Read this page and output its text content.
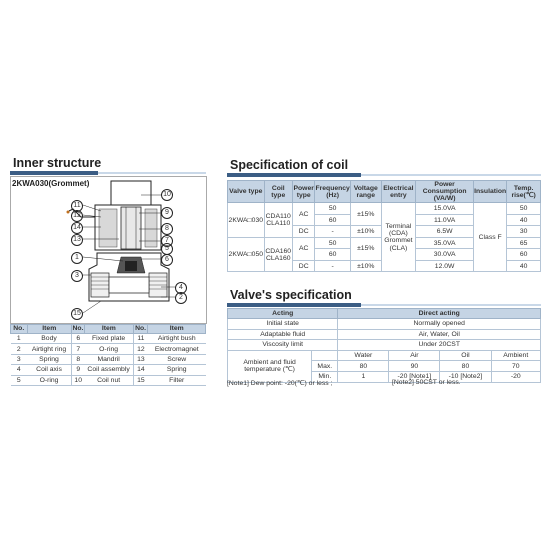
Inner structure
10
9
8
11
12
7
14
13
6
4
3
2
1
15
5
2KWA030(Grommet)
No.	Item	No.	Item	No.	Item
1	Body	6	Fixed plate	11	Airtight bush
2	Airtight ring	7	O-ring	12	Electromagnet
3	Spring	8	Mandril	13	Screw
4	Coil axis	9	Coil assembly	14	Spring
5	O-ring	10	Coil nut	15	Filter
Specification of coil
Valve type	Coil type	Power type	Frequency (Hz)	Voltage range	Electrical entry	Power Consumption (VA/W)	Insulation	Temp. rise(℃)
2KWA□030	CDA110 CLA110	AC	50	±15%	Terminal (CDA) Grommet (CLA)	15.0VA	Class F	50
			60			11.0VA		40
		DC	-	±10%		6.5W		30
2KWA□050	CDA160 CLA160	AC	50	±15%		35.0VA		65
			60			30.0VA		60
		DC	-	±10%		12.0W		40
Valve's specification
Acting		Direct acting			
Initial state		Normally opened			
Adaptable fluid		Air, Water, Oil			
Viscosity limit		Under 20CST			
Ambient and fluid temperature (℃)		Water	Air	Oil	Ambient
	Max.	80	90	80	70
	Min.	1	-20 [Note1]	-10 [Note2]	-20
[Note1] Dew point: -20(℃) or less ;	[Note2] 50CST or less.
